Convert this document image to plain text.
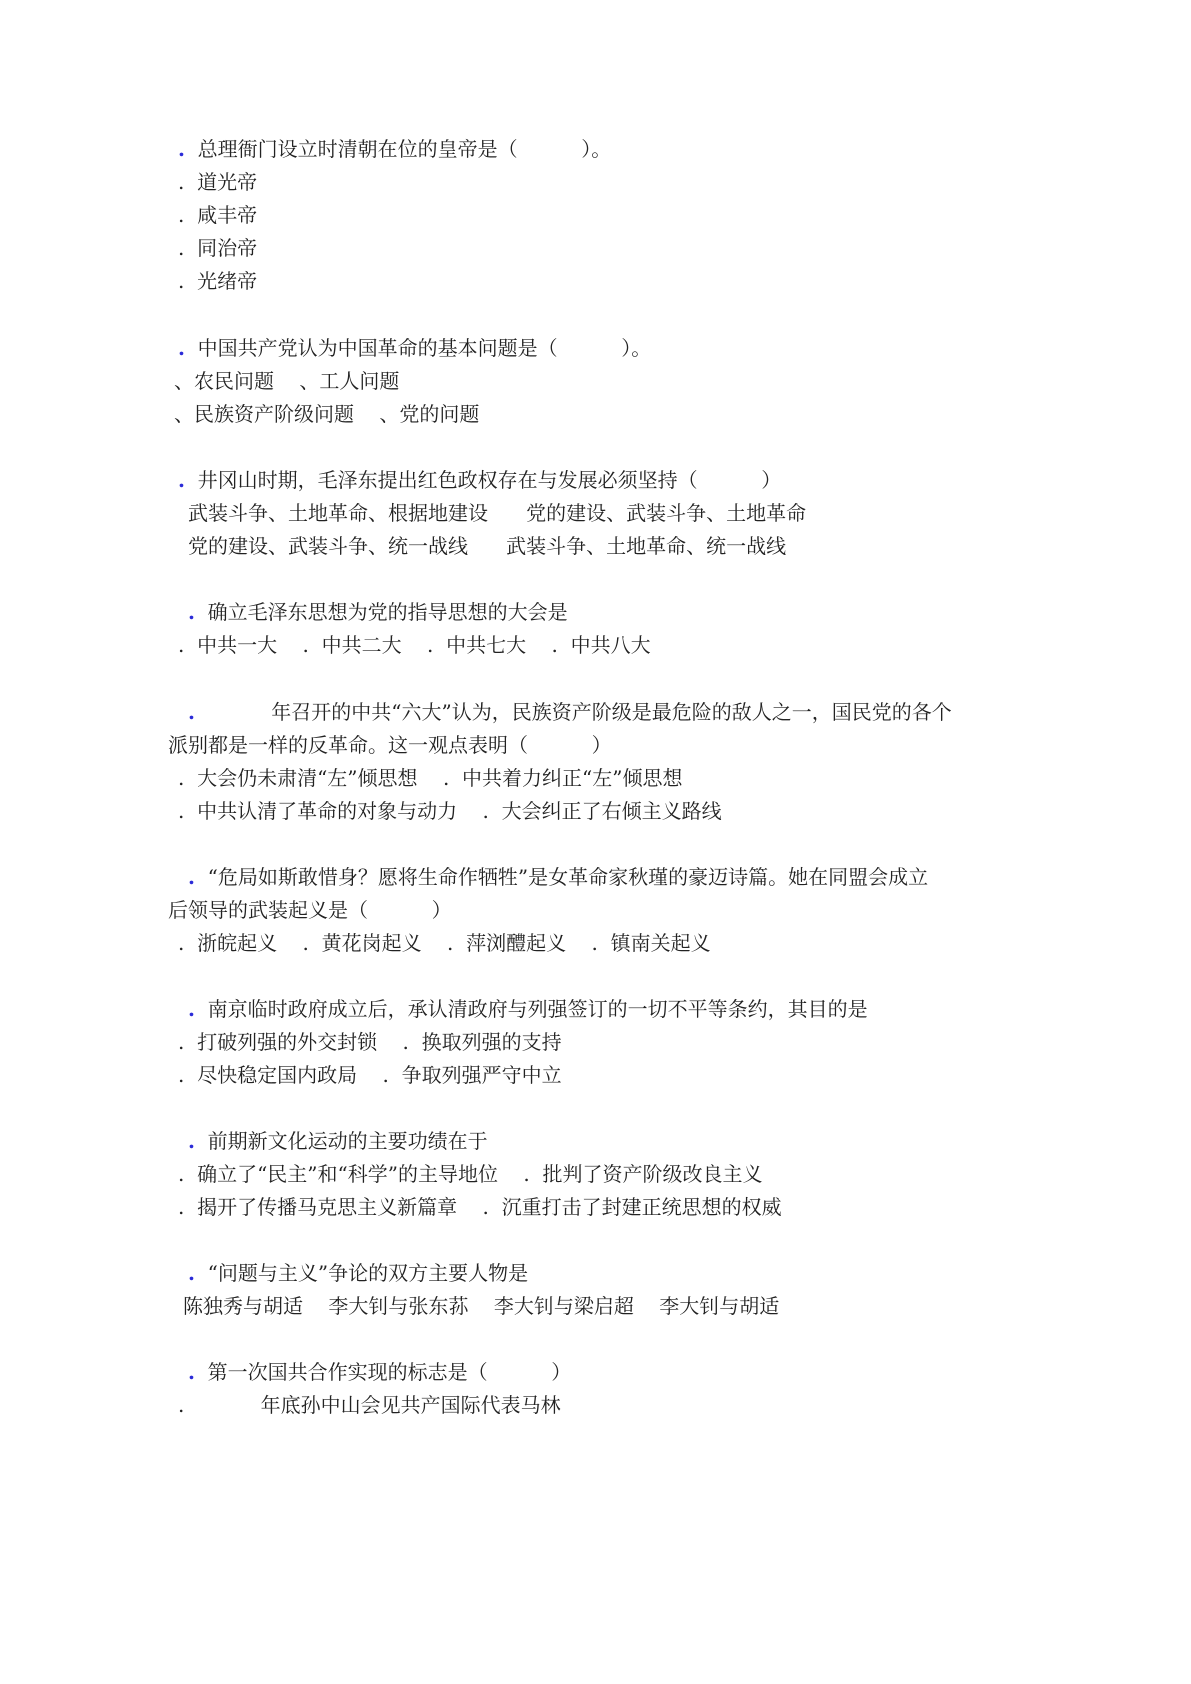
.  总理衙门设立时清朝在位的皇帝是（          ）。

.  道光帝

.  咸丰帝

.  同治帝

.  光绪帝

.  中国共产党认为中国革命的基本问题是（          ）。

、农民问题    、工人问题

、民族资产阶级问题    、党的问题

.  井冈山时期，毛泽东提出红色政权存在与发展必须坚持（          ）

武装斗争、土地革命、根据地建设      党的建设、武装斗争、土地革命

党的建设、武装斗争、统一战线      武装斗争、土地革命、统一战线

.  确立毛泽东思想为党的指导思想的大会是

.  中共一大    .  中共二大    .  中共七大    .  中共八大

.            年召开的中共“六大”认为，民族资产阶级是最危险的敌人之一，国民党的各个

派别都是一样的反革命。这一观点表明（          ）

.  大会仍未肃清“左”倾思想    .  中共着力纠正“左”倾思想

.  中共认清了革命的对象与动力    .  大会纠正了右倾主义路线

.  “危局如斯敢惜身？愿将生命作牺牲”是女革命家秋瑾的豪迈诗篇。她在同盟会成立

后领导的武装起义是（          ）

.  浙皖起义    .  黄花岗起义    .  萍浏醴起义    .  镇南关起义

.  南京临时政府成立后，承认清政府与列强签订的一切不平等条约，其目的是

.  打破列强的外交封锁    .  换取列强的支持

.  尽快稳定国内政局    .  争取列强严守中立

.  前期新文化运动的主要功绩在于

.  确立了“民主”和“科学”的主导地位    .  批判了资产阶级改良主义

.  揭开了传播马克思主义新篇章    .  沉重打击了封建正统思想的权威

.  “问题与主义”争论的双方主要人物是

陈独秀与胡适    李大钊与张东荪    李大钊与梁启超    李大钊与胡适

.  第一次国共合作实现的标志是（          ）

.            年底孙中山会见共产国际代表马林
